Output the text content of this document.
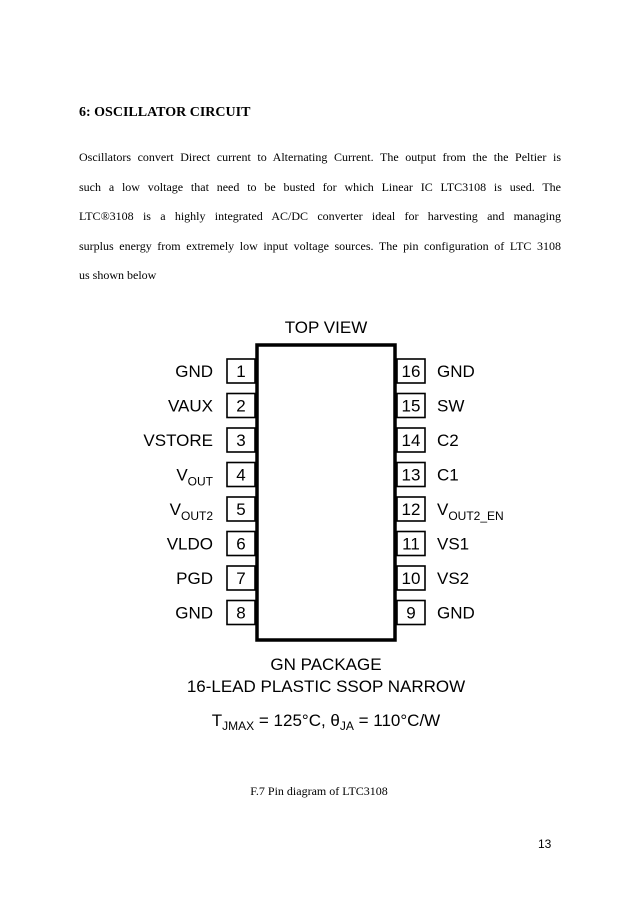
6: OSCILLATOR CIRCUIT

Oscillators convert Direct current to Alternating Current. The output from the the Peltier is
such a low voltage that need to be busted for which Linear IC LTC3108 is used. The
LTC®3108 is a highly integrated AC/DC converter ideal for harvesting and managing
surplus energy from extremely low input voltage sources. The pin configuration of LTC 3108
us shown below

TOP VIEW
1
GND
2
VAUX
3
VSTORE
4
$V_{OUT}$
5
$V_{OUT2}$
6
VLDO
7
PGD
8
GND
16 GND
15 SW
14 C2
13 C1
12 $V_{OUT2\_EN}$
11 VS1
10 VS2
9 GND
GN PACKAGE
16-LEAD PLASTIC SSOP NARROW
$T_{JMAX} = 125^\circ C$, $\theta_{JA} = 110^\circ C/W$

F.7 Pin diagram of LTC3108

13
